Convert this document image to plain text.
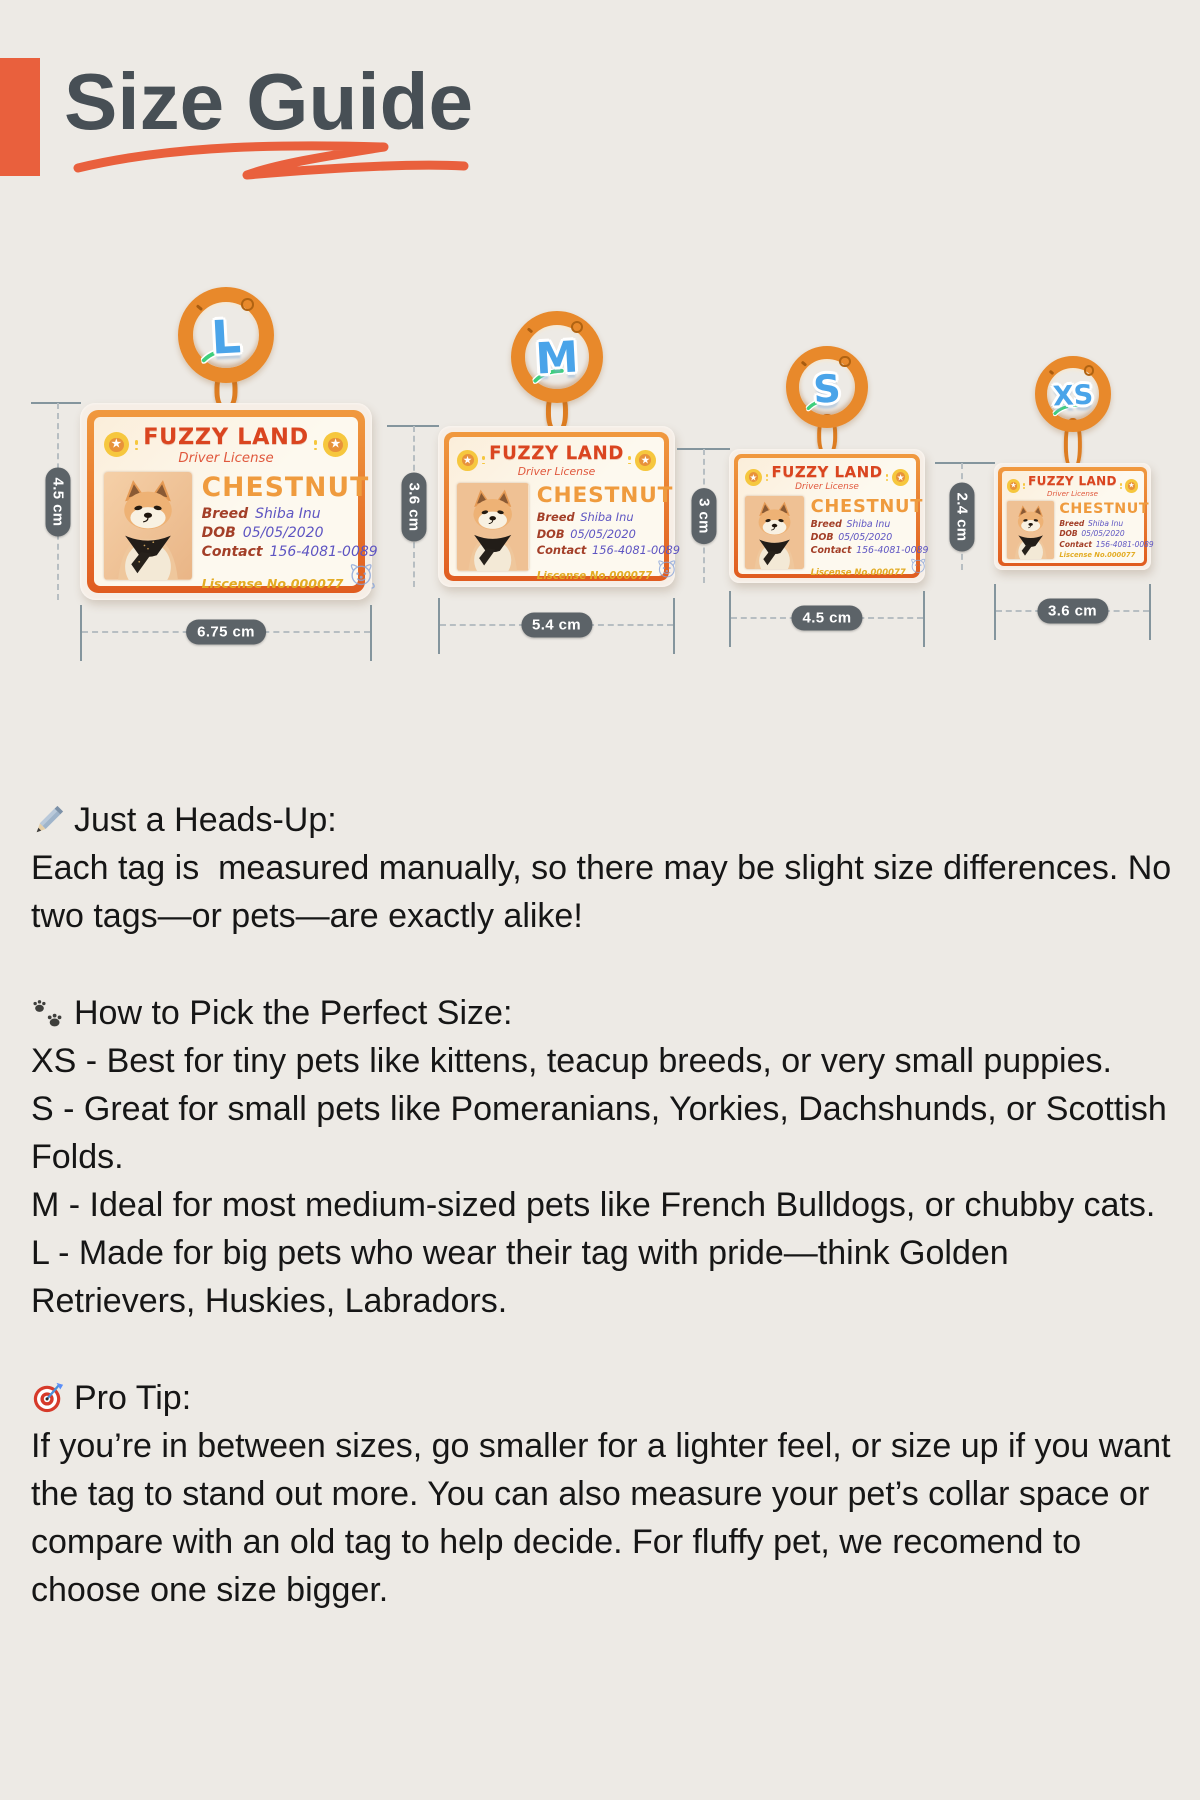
Size Guide
L
★ FUZZY LAND
Driver License
★
CHESTNUT
Breed Shiba Inu
DOB 05/05/2020
Contact 156-4081-0089
Liscense No.000077
4.5 cm
6.75 cm
M
★ FUZZY LAND
Driver License
★
CHESTNUT
Breed Shiba Inu
DOB 05/05/2020
Contact 156-4081-0089
Liscense No.000077
3.6 cm
5.4 cm
S
★ FUZZY LAND
Driver License
★
CHESTNUT
Breed Shiba Inu
DOB 05/05/2020
Contact 156-4081-0089
Liscense No.000077
3 cm
4.5 cm
XS
★ FUZZY LAND
Driver License
★
CHESTNUT
Breed Shiba Inu
DOB 05/05/2020
Contact 156-4081-0089
Liscense No.000077
2.4 cm
3.6 cm
Just a Heads-Up:
Each tag is  measured manually, so there may be slight size differences. No two tags—or pets—are exactly alike!
How to Pick the Perfect Size:
XS - Best for tiny pets like kittens, teacup breeds, or very small puppies.
S - Great for small pets like Pomeranians, Yorkies, Dachshunds, or Scottish Folds.
M - Ideal for most medium-sized pets like French Bulldogs, or chubby cats.
L - Made for big pets who wear their tag with pride—think Golden Retrievers, Huskies, Labradors.
Pro Tip:
If you’re in between sizes, go smaller for a lighter feel, or size up if you want the tag to stand out more. You can also measure your pet’s collar space or compare with an old tag to help decide. For fluffy pet, we recomend to choose one size bigger.
